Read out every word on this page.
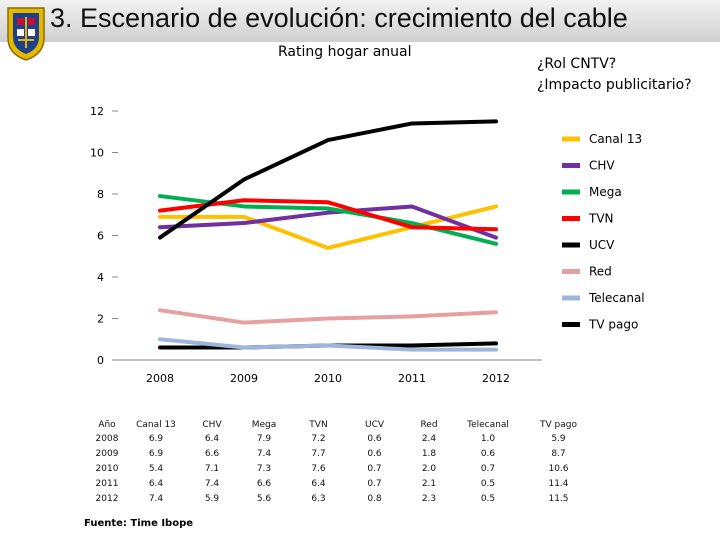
3. Escenario de evolución: crecimiento del cable
Rating hogar anual
¿Rol CNTV?
¿Impacto publicitario?
0
2
4
6
8
10
12
2008	2009	2010	2011	2012
Canal 13
CHV
Mega
TVN
UCV
Red
Telecanal
TV pago
Año	Canal 13	CHV	Mega	TVN	UCV	Red	Telecanal	TV pago
2008	6.9	6.4	7.9	7.2	0.6	2.4	1.0	5.9
2009	6.9	6.6	7.4	7.7	0.6	1.8	0.6	8.7
2010	5.4	7.1	7.3	7.6	0.7	2.0	0.7	10.6
2011	6.4	7.4	6.6	6.4	0.7	2.1	0.5	11.4
2012	7.4	5.9	5.6	6.3	0.8	2.3	0.5	11.5
Fuente: Time Ibope
